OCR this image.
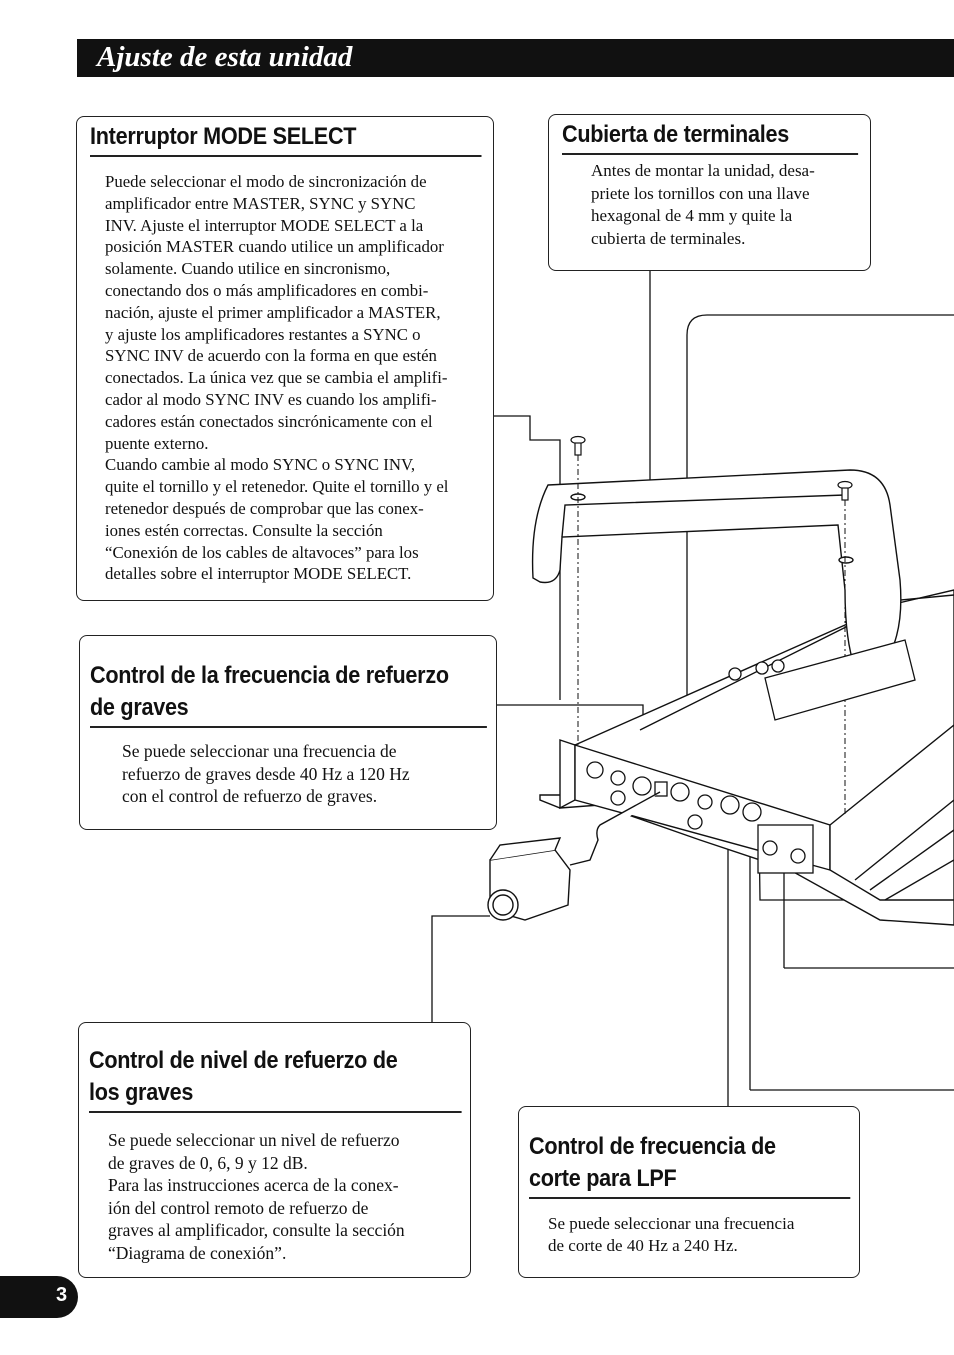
Ajuste de esta unidad
Interruptor MODE SELECT
Puede seleccionar el modo de sincronización de
amplificador entre MASTER, SYNC y SYNC
INV. Ajuste el interruptor MODE SELECT a la
posición MASTER cuando utilice un amplificador
solamente. Cuando utilice en sincronismo,
conectando dos o más amplificadores en combi-
nación, ajuste el primer amplificador a MASTER,
y ajuste los amplificadores restantes a SYNC o
SYNC INV de acuerdo con la forma en que estén
conectados. La única vez que se cambia el amplifi-
cador al modo SYNC INV es cuando los amplifi-
cadores están conectados sincrónicamente con el
puente externo.
Cuando cambie al modo SYNC o SYNC INV,
quite el tornillo y el retenedor. Quite el tornillo y el
retenedor después de comprobar que las conex-
iones estén correctas. Consulte la sección
“Conexión de los cables de altavoces” para los
detalles sobre el interruptor MODE SELECT.
Cubierta de terminales
Antes de montar la unidad, desa-
priete los tornillos con una llave
hexagonal de 4 mm y quite la
cubierta de terminales.
Control de la frecuencia de refuerzo
de graves
Se puede seleccionar una frecuencia de
refuerzo de graves desde 40 Hz a 120 Hz
con el control de refuerzo de graves.
Control de nivel de refuerzo de
los graves
Se puede seleccionar un nivel de refuerzo
de graves de 0, 6, 9 y 12 dB.
Para las instrucciones acerca de la conex-
ión del control remoto de refuerzo de
graves al amplificador, consulte la sección
“Diagrama de conexión”.
Control de frecuencia de
corte para LPF
Se puede seleccionar una frecuencia
de corte de 40 Hz a 240 Hz.
3
